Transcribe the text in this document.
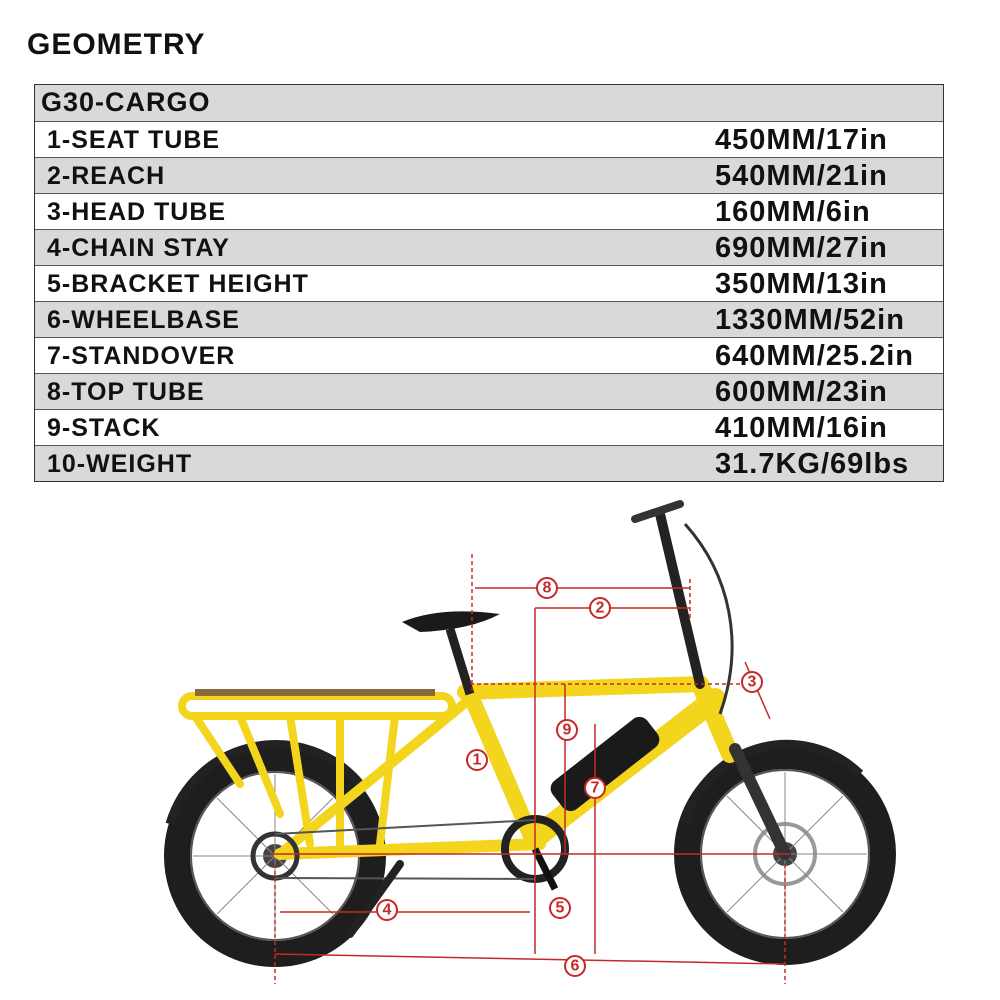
GEOMETRY
G30-CARGO
1-SEAT TUBE	450MM/17in
2-REACH	540MM/21in
3-HEAD TUBE	160MM/6in
4-CHAIN STAY	690MM/27in
5-BRACKET HEIGHT	350MM/13in
6-WHEELBASE	1330MM/52in
7-STANDOVER	640MM/25.2in
8-TOP TUBE	600MM/23in
9-STACK	410MM/16in
10-WEIGHT	31.7KG/69lbs
1
2
3
4	5
6
7
8
9
